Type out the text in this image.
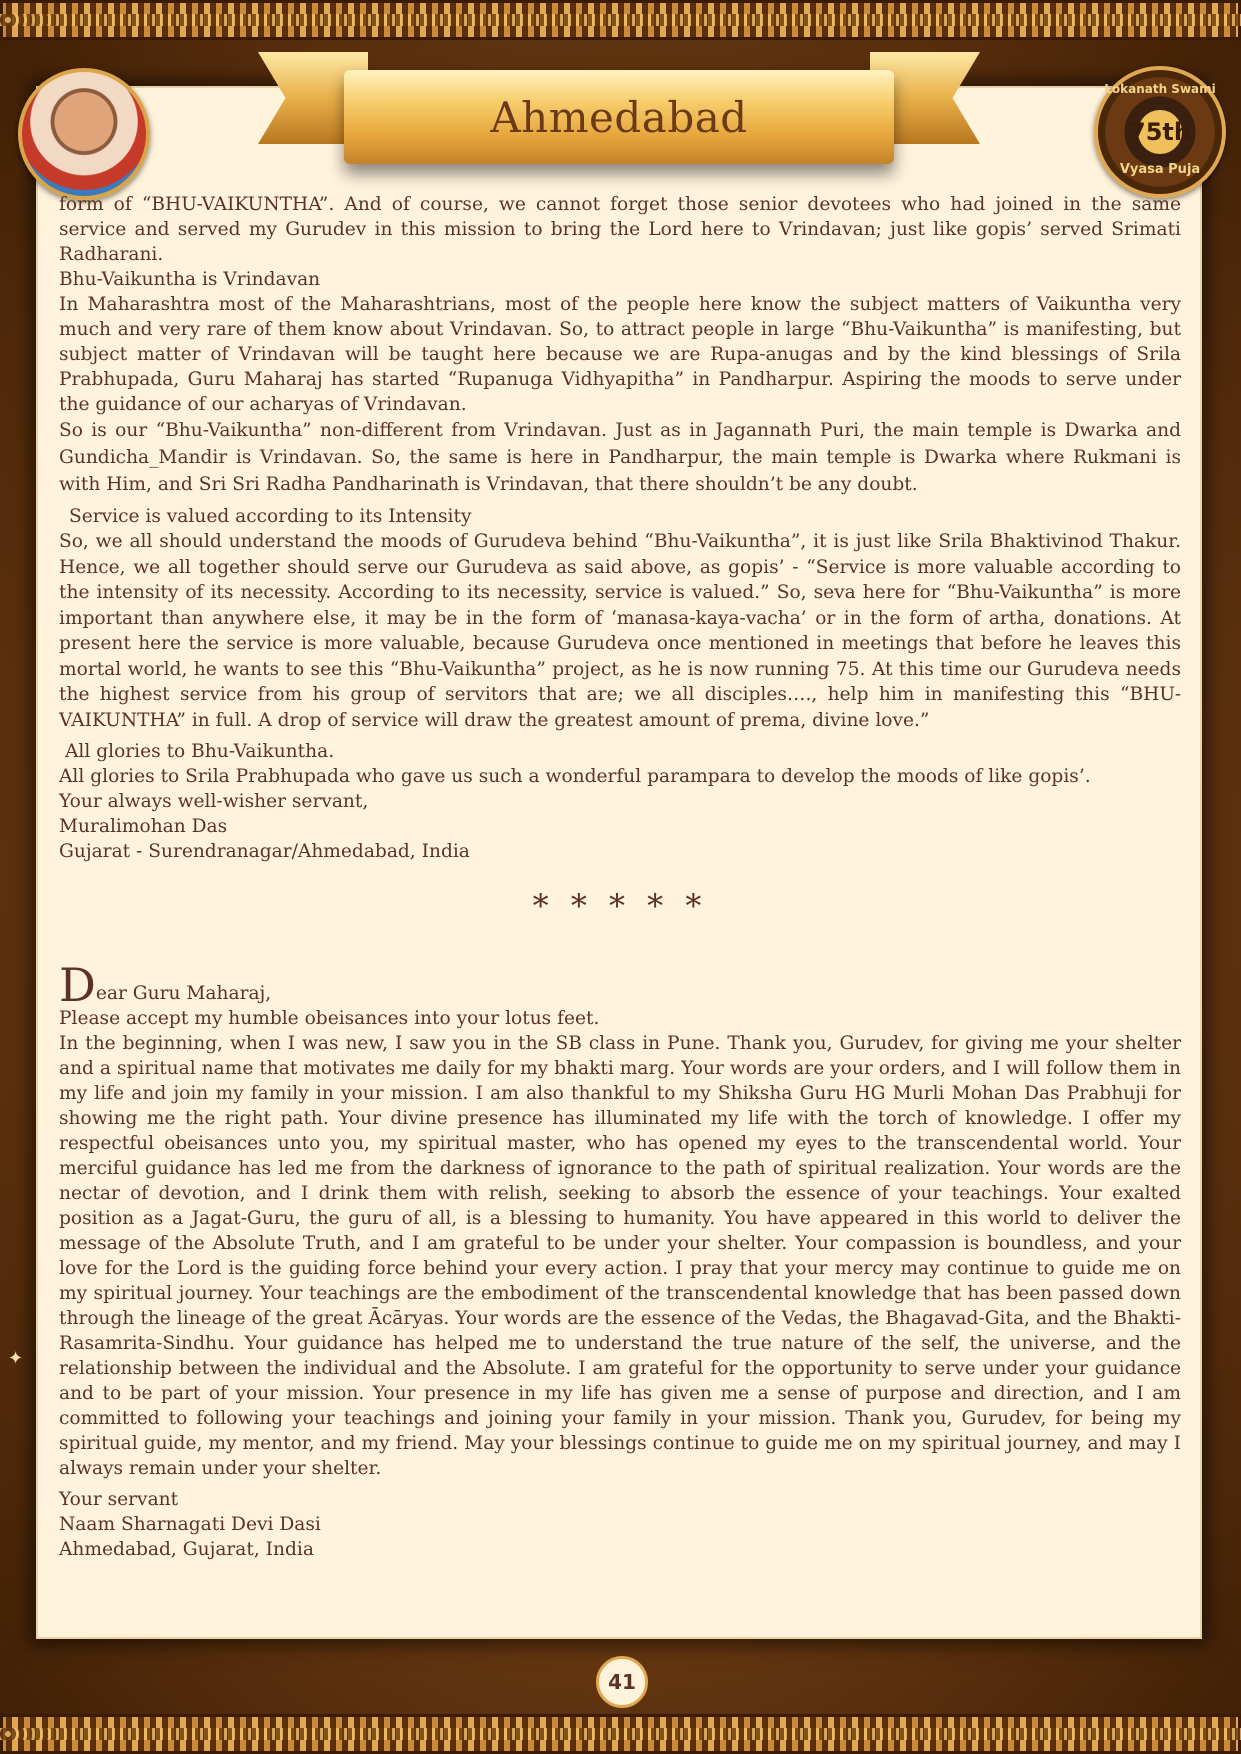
Ahmedabad
Lokanath Swami
75th
Vyasa Puja
✦

form of “BHU-VAIKUNTHA”. And of course, we cannot forget those senior devotees who had joined in the same service and served my Gurudev in this mission to bring the Lord here to Vrindavan; just like gopis’ served Srimati Radharani.

Bhu-Vaikuntha is Vrindavan

In Maharashtra most of the Maharashtrians, most of the people here know the subject matters of Vaikuntha very much and very rare of them know about Vrindavan. So, to attract people in large “Bhu-Vaikuntha” is manifesting, but subject matter of Vrindavan will be taught here because we are Rupa-anugas and by the kind blessings of Srila Prabhupada, Guru Maharaj has started “Rupanuga Vidhyapitha” in Pandharpur. Aspiring the moods to serve under the guidance of our acharyas of Vrindavan.

So is our “Bhu-Vaikuntha” non-different from Vrindavan. Just as in Jagannath Puri, the main temple is Dwarka and Gundicha_Mandir is Vrindavan. So, the same is here in Pandharpur, the main temple is Dwarka where Rukmani is with Him, and Sri Sri Radha Pandharinath is Vrindavan, that there shouldn’t be any doubt.

Service is valued according to its Intensity

So, we all should understand the moods of Gurudeva behind “Bhu-Vaikuntha”, it is just like Srila Bhaktivinod Thakur. Hence, we all together should serve our Gurudeva as said above, as gopis’ - “Service is more valuable according to the intensity of its necessity. According to its necessity, service is valued.” So, seva here for “Bhu-Vaikuntha” is more important than anywhere else, it may be in the form of ‘manasa-kaya-vacha’ or in the form of artha, donations. At present here the service is more valuable, because Gurudeva once mentioned in meetings that before he leaves this mortal world, he wants to see this “Bhu-Vaikuntha” project, as he is now running 75. At this time our Gurudeva needs the highest service from his group of servitors that are; we all disciples…., help him in manifesting this “BHU-VAIKUNTHA” in full. A drop of service will draw the greatest amount of prema, divine love.”

All glories to Bhu-Vaikuntha.

All glories to Srila Prabhupada who gave us such a wonderful parampara to develop the moods of like gopis’.

Your always well-wisher servant,

Muralimohan Das

Gujarat - Surendranagar/Ahmedabad, India

* * * * *

Dear Guru Maharaj,

Please accept my humble obeisances into your lotus feet.

In the beginning, when I was new, I saw you in the SB class in Pune. Thank you, Gurudev, for giving me your shelter and a spiritual name that motivates me daily for my bhakti marg. Your words are your orders, and I will follow them in my life and join my family in your mission. I am also thankful to my Shiksha Guru HG Murli Mohan Das Prabhuji for showing me the right path. Your divine presence has illuminated my life with the torch of knowledge. I offer my respectful obeisances unto you, my spiritual master, who has opened my eyes to the transcendental world. Your merciful guidance has led me from the darkness of ignorance to the path of spiritual realization. Your words are the nectar of devotion, and I drink them with relish, seeking to absorb the essence of your teachings. Your exalted position as a Jagat-Guru, the guru of all, is a blessing to humanity. You have appeared in this world to deliver the message of the Absolute Truth, and I am grateful to be under your shelter. Your compassion is boundless, and your love for the Lord is the guiding force behind your every action. I pray that your mercy may continue to guide me on my spiritual journey. Your teachings are the embodiment of the transcendental knowledge that has been passed down through the lineage of the great Ācāryas. Your words are the essence of the Vedas, the Bhagavad-Gita, and the Bhakti-Rasamrita-Sindhu. Your guidance has helped me to understand the true nature of the self, the universe, and the relationship between the individual and the Absolute. I am grateful for the opportunity to serve under your guidance and to be part of your mission. Your presence in my life has given me a sense of purpose and direction, and I am committed to following your teachings and joining your family in your mission. Thank you, Gurudev, for being my spiritual guide, my mentor, and my friend. May your blessings continue to guide me on my spiritual journey, and may I always remain under your shelter.

Your servant

Naam Sharnagati Devi Dasi

Ahmedabad, Gujarat, India

41
